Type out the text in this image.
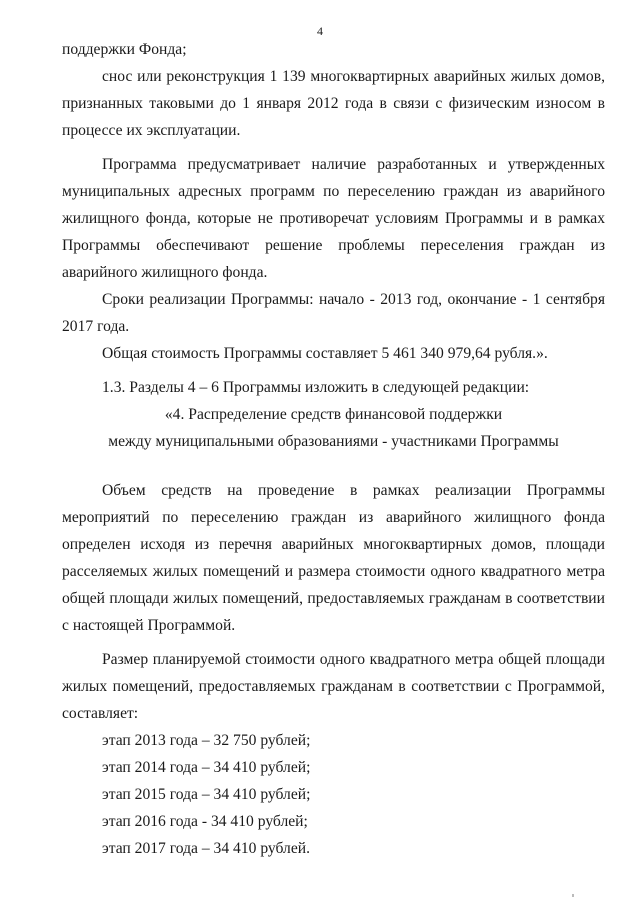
4

поддержки Фонда;

снос или реконструкция 1 139 многоквартирных аварийных жилых домов, признанных таковыми до 1 января 2012 года в связи с физическим износом в процессе их эксплуатации.

Программа предусматривает наличие разработанных и утвержденных муниципальных адресных программ по переселению граждан из аварийного жилищного фонда, которые не противоречат условиям Программы и в рамках Программы обеспечивают решение проблемы переселения граждан из аварийного жилищного фонда.

Сроки реализации Программы: начало - 2013 год, окончание - 1 сентября 2017 года.

Общая стоимость Программы составляет 5 461 340 979,64 рубля.».

1.3. Разделы 4 – 6 Программы изложить в следующей редакции:

«4. Распределение средств финансовой поддержки

между муниципальными образованиями - участниками Программы

Объем средств на проведение в рамках реализации Программы мероприятий по переселению граждан из аварийного жилищного фонда определен исходя из перечня аварийных многоквартирных домов, площади расселяемых жилых помещений и размера стоимости одного квадратного метра общей площади жилых помещений, предоставляемых гражданам в соответствии с настоящей Программой.

Размер планируемой стоимости одного квадратного метра общей площади жилых помещений, предоставляемых гражданам в соответствии с Программой, составляет:

этап 2013 года – 32 750 рублей;
этап 2014 года – 34 410 рублей;
этап 2015 года – 34 410 рублей;
этап 2016 года - 34 410 рублей;
этап 2017 года – 34 410 рублей.
